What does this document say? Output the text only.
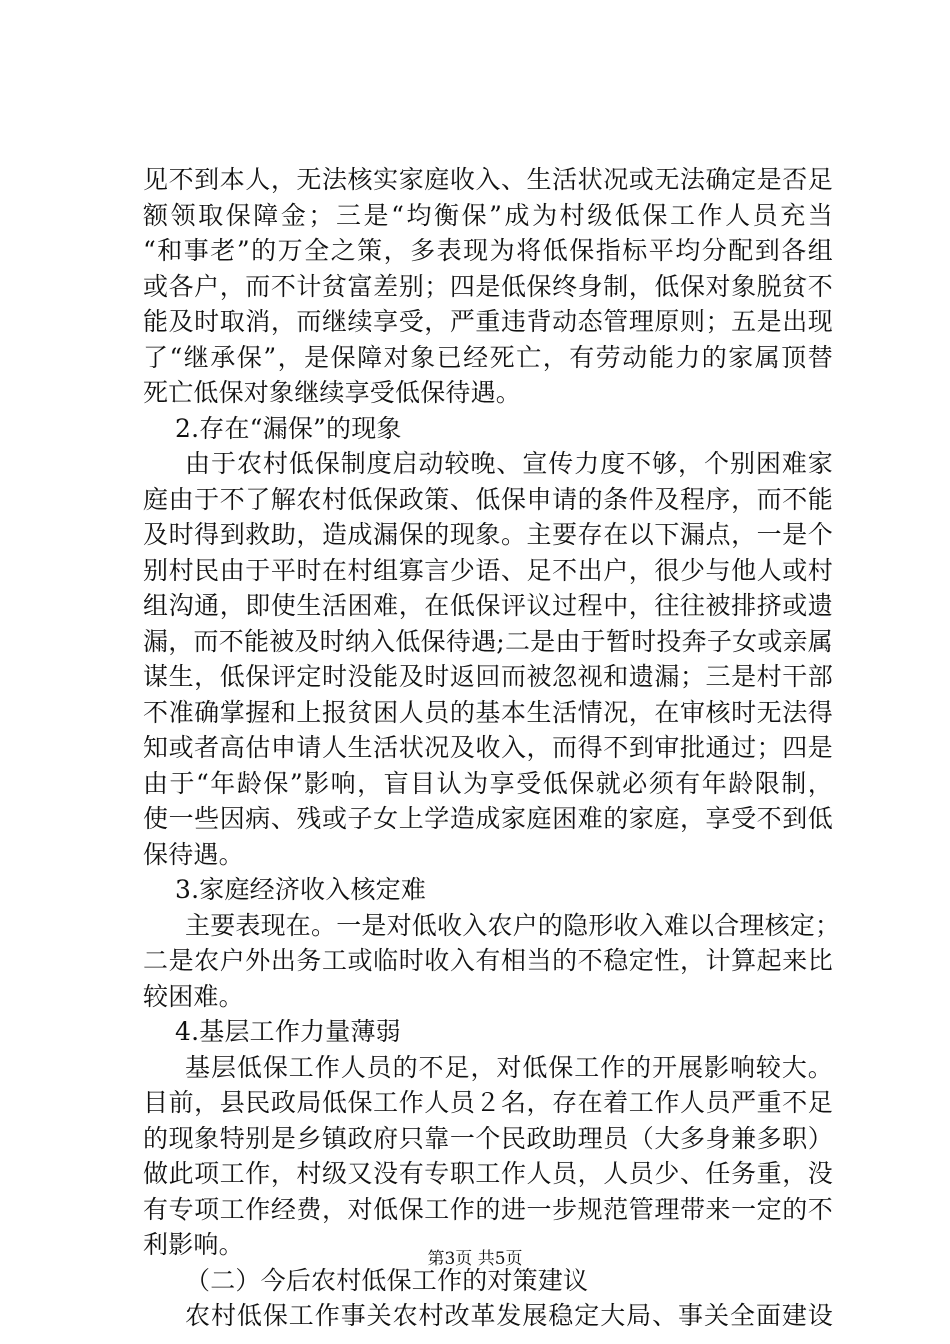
见不到本人，无法核实家庭收入、生活状况或无法确定是否足
额领取保障金；三是“均衡保”成为村级低保工作人员充当
“和事老”的万全之策，多表现为将低保指标平均分配到各组
或各户，而不计贫富差别；四是低保终身制，低保对象脱贫不
能及时取消，而继续享受，严重违背动态管理原则；五是出现
了“继承保”，是保障对象已经死亡，有劳动能力的家属顶替
死亡低保对象继续享受低保待遇。
2.存在“漏保”的现象
由于农村低保制度启动较晚、宣传力度不够，个别困难家
庭由于不了解农村低保政策、低保申请的条件及程序，而不能
及时得到救助，造成漏保的现象。主要存在以下漏点，一是个
别村民由于平时在村组寡言少语、足不出户，很少与他人或村
组沟通，即使生活困难，在低保评议过程中，往往被排挤或遗
漏，而不能被及时纳入低保待遇;二是由于暂时投奔子女或亲属
谋生，低保评定时没能及时返回而被忽视和遗漏；三是村干部
不准确掌握和上报贫困人员的基本生活情况，在审核时无法得
知或者高估申请人生活状况及收入，而得不到审批通过；四是
由于“年龄保”影响，盲目认为享受低保就必须有年龄限制，
使一些因病、残或子女上学造成家庭困难的家庭，享受不到低
保待遇。
3.家庭经济收入核定难
主要表现在。一是对低收入农户的隐形收入难以合理核定；
二是农户外出务工或临时收入有相当的不稳定性，计算起来比
较困难。
4.基层工作力量薄弱
基层低保工作人员的不足，对低保工作的开展影响较大。
目前，县民政局低保工作人员２名，存在着工作人员严重不足
的现象特别是乡镇政府只靠一个民政助理员（大多身兼多职）
做此项工作，村级又没有专职工作人员，人员少、任务重，没
有专项工作经费，对低保工作的进一步规范管理带来一定的不
利影响。
（二）今后农村低保工作的对策建议
农村低保工作事关农村改革发展稳定大局、事关全面建设
第3页 共5页
